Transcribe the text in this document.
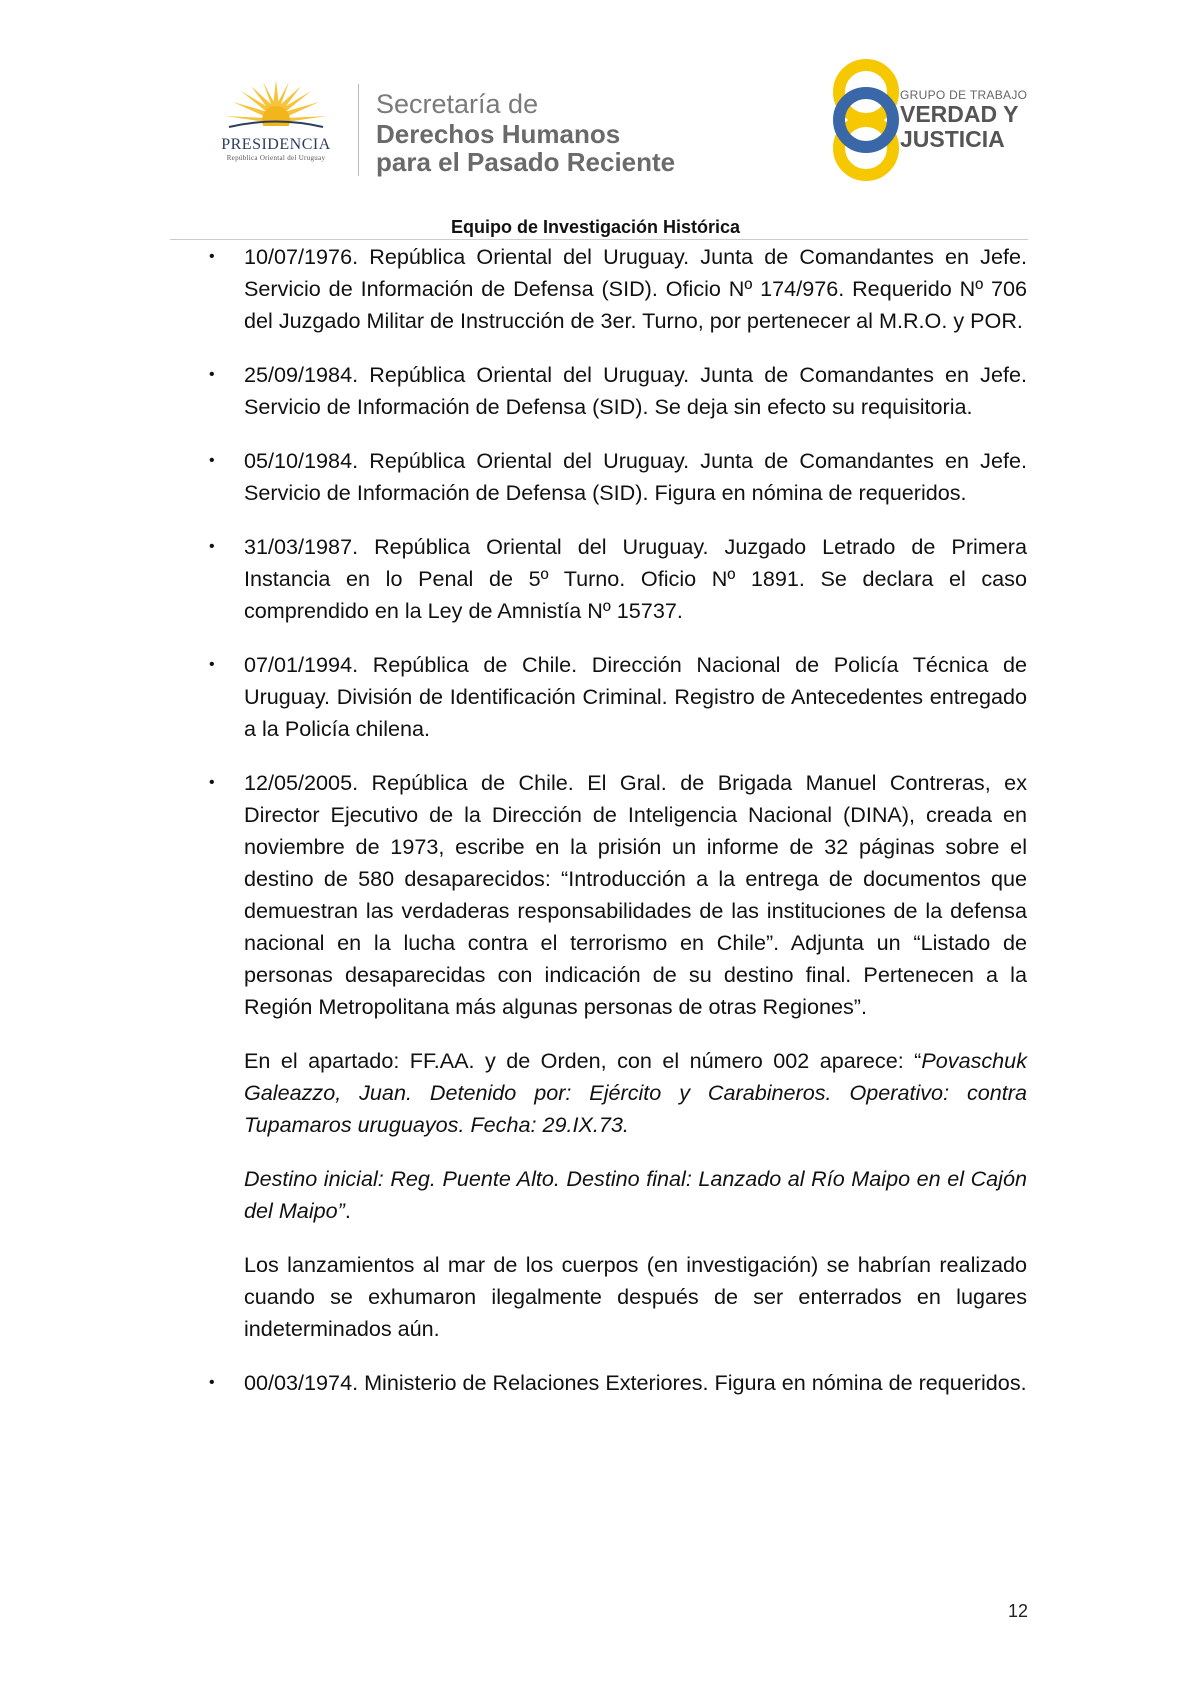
PRESIDENCIA
República Oriental del Uruguay
Secretaría de
Derechos Humanos
para el Pasado Reciente
GRUPO DE TRABAJO
VERDAD Y
JUSTICIA
Equipo de Investigación Histórica
• 10/07/1976. República Oriental del Uruguay. Junta de Comandantes en Jefe. Servicio de Información de Defensa (SID). Oficio Nº 174/976. Requerido Nº 706 del Juzgado Militar de Instrucción de 3er. Turno, por pertenecer al M.R.O. y POR.
• 25/09/1984. República Oriental del Uruguay. Junta de Comandantes en Jefe. Servicio de Información de Defensa (SID). Se deja sin efecto su requisitoria.
• 05/10/1984. República Oriental del Uruguay. Junta de Comandantes en Jefe. Servicio de Información de Defensa (SID). Figura en nómina de requeridos.
• 31/03/1987. República Oriental del Uruguay. Juzgado Letrado de Primera Instancia en lo Penal de 5º Turno. Oficio Nº 1891. Se declara el caso comprendido en la Ley de Amnistía Nº 15737.
• 07/01/1994. República de Chile. Dirección Nacional de Policía Técnica de Uruguay. División de Identificación Criminal. Registro de Antecedentes entregado a la Policía chilena.
• 12/05/2005. República de Chile. El Gral. de Brigada Manuel Contreras, ex Director Ejecutivo de la Dirección de Inteligencia Nacional (DINA), creada en noviembre de 1973, escribe en la prisión un informe de 32 páginas sobre el destino de 580 desaparecidos: “Introducción a la entrega de documentos que demuestran las verdaderas responsabilidades de las instituciones de la defensa nacional en la lucha contra el terrorismo en Chile”. Adjunta un “Listado de personas desaparecidas con indicación de su destino final. Pertenecen a la Región Metropolitana más algunas personas de otras Regiones”.
En el apartado: FF.AA. y de Orden, con el número 002 aparece: “Povaschuk Galeazzo, Juan. Detenido por: Ejército y Carabineros. Operativo: contra Tupamaros uruguayos. Fecha: 29.IX.73.
Destino inicial: Reg. Puente Alto. Destino final: Lanzado al Río Maipo en el Cajón del Maipo”.
Los lanzamientos al mar de los cuerpos (en investigación) se habrían realizado cuando se exhumaron ilegalmente después de ser enterrados en lugares indeterminados aún.
• 00/03/1974. Ministerio de Relaciones Exteriores. Figura en nómina de requeridos.
12
